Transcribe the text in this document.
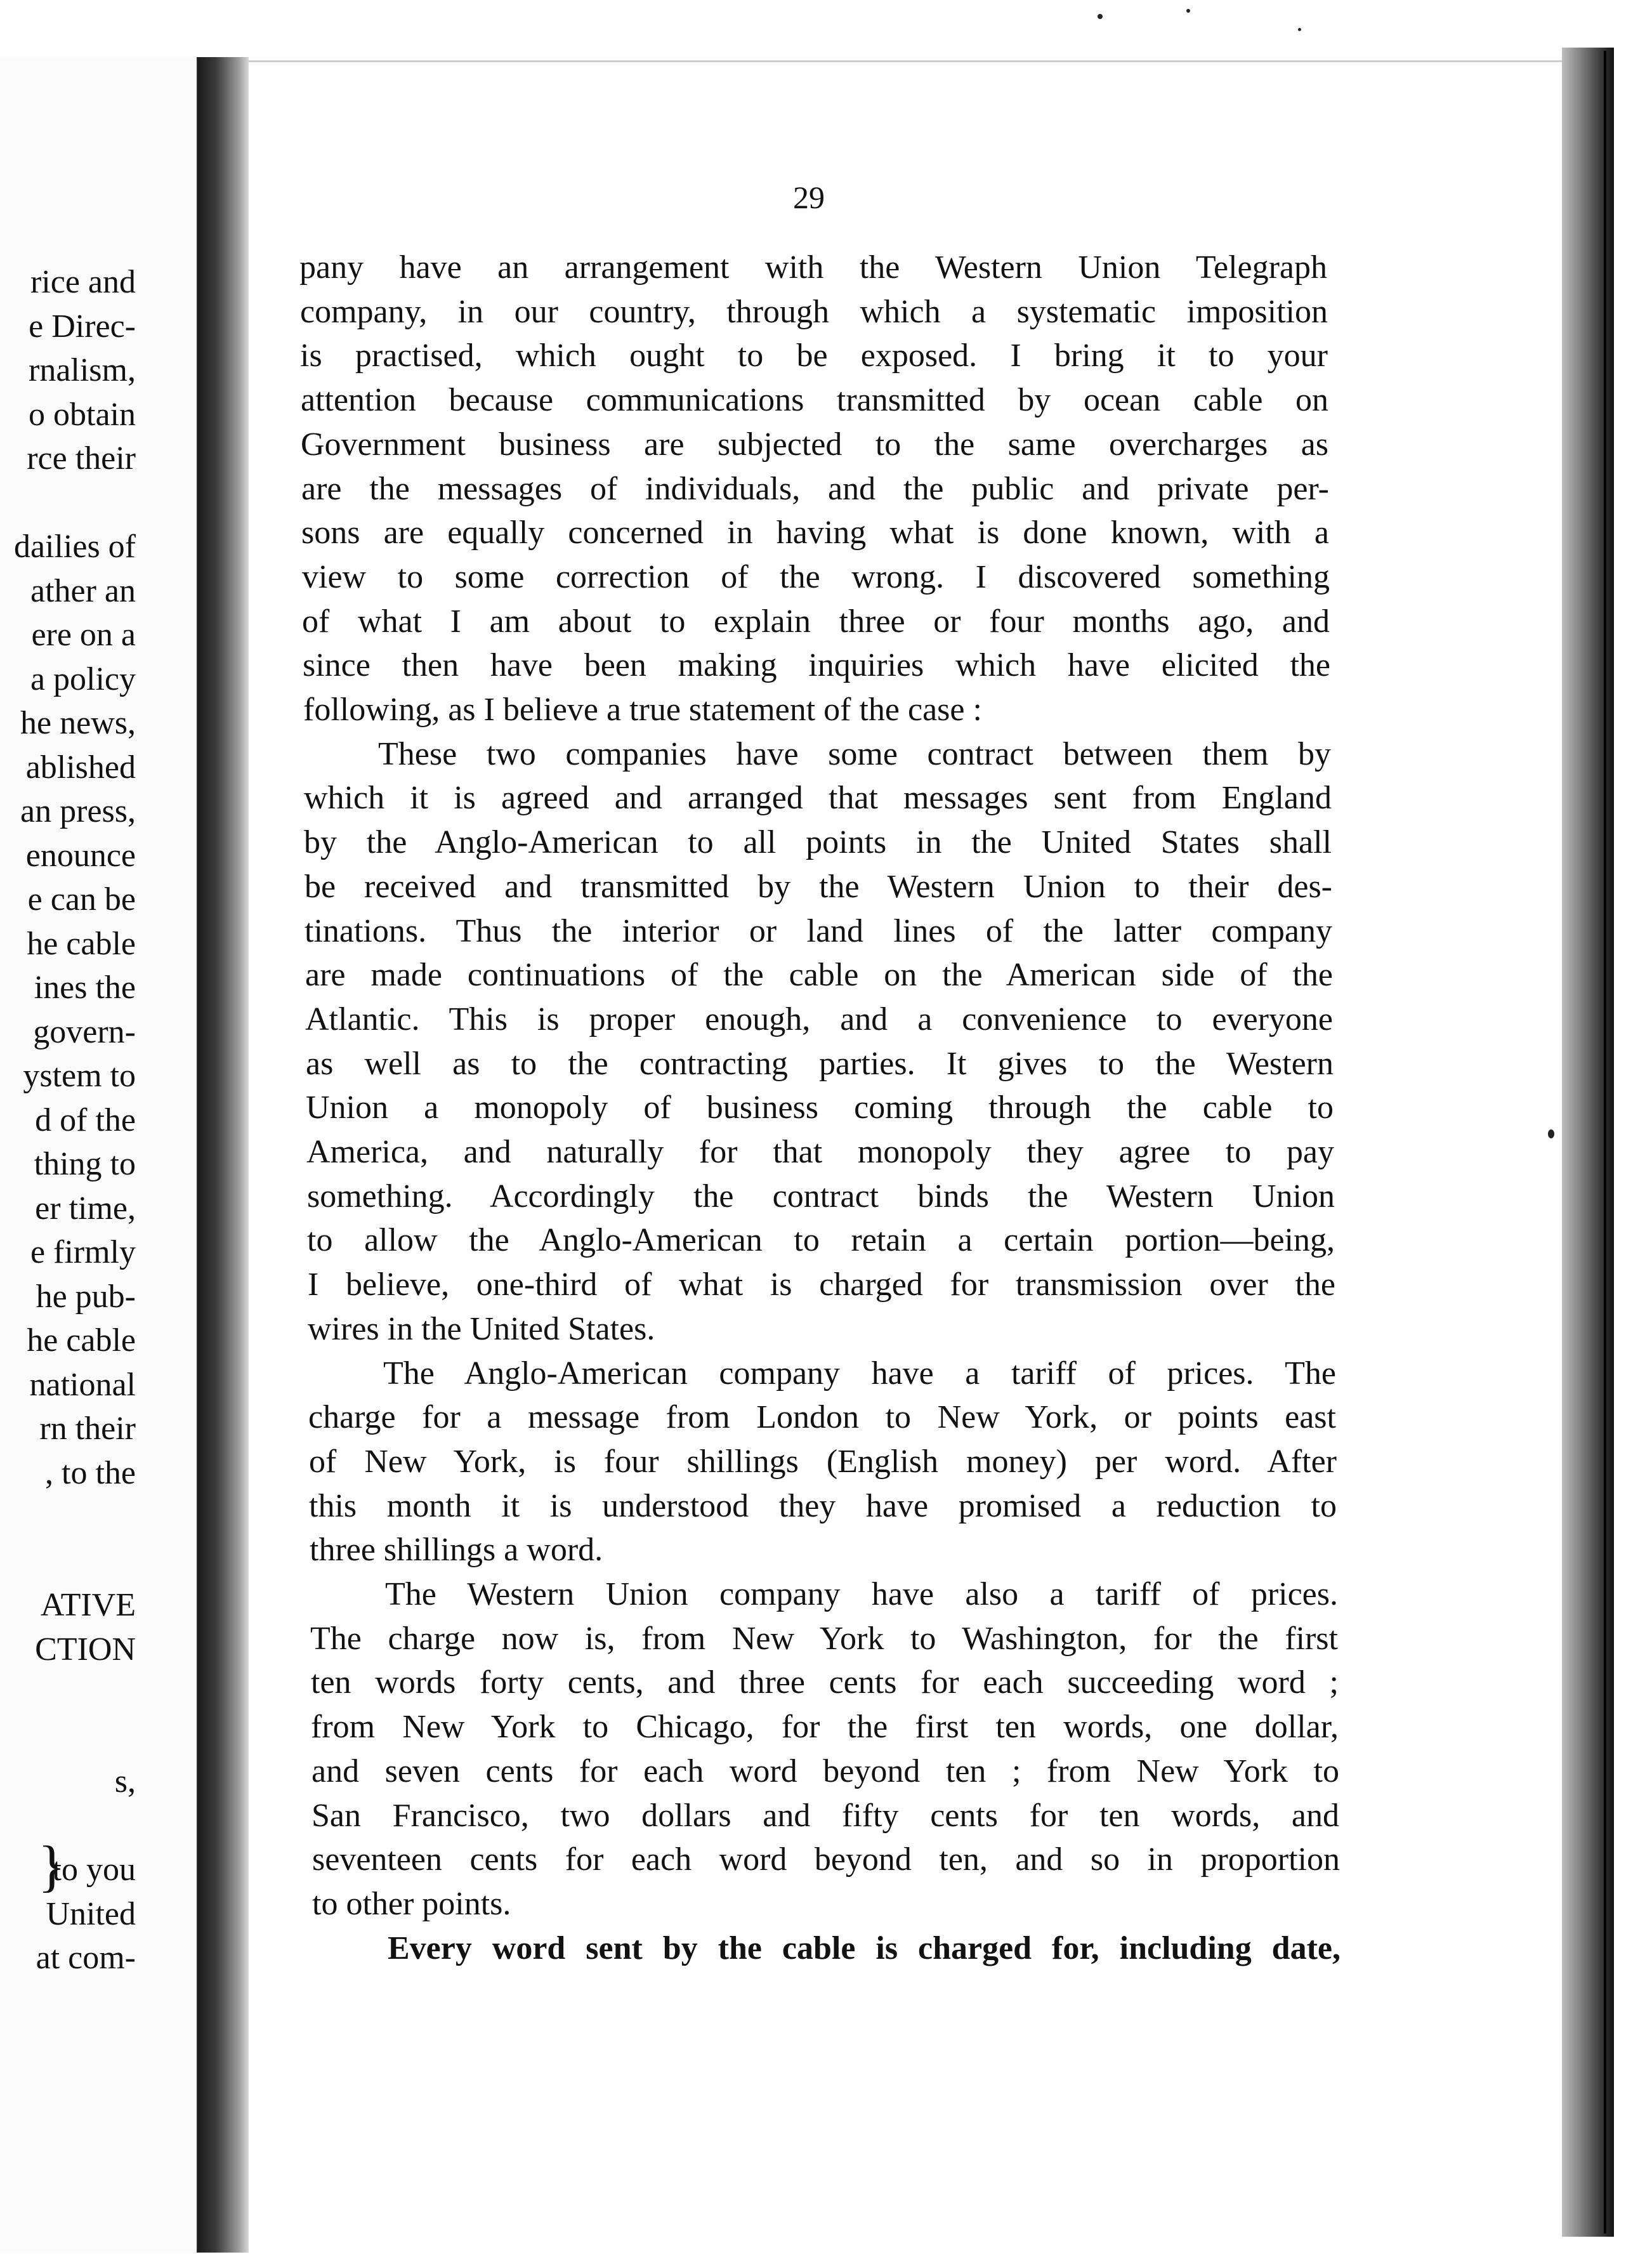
rice and
e Direc-
rnalism,
o obtain
rce their
dailies of
ather an
ere on a
a policy
he news,
ablished
an press,
enounce
e can be
he cable
ines the
govern-
ystem to
d of the
thing to
er time,
e firmly
he pub-
he cable
national
rn their
, to the
ATIVE
CTION
s,
to you
United
at com-
}
29
pany have an arrangement with the Western Union Telegraph
company, in our country, through which a systematic imposition
is practised, which ought to be exposed. I bring it to your
attention because communications transmitted by ocean cable on
Government business are subjected to the same overcharges as
are the messages of individuals, and the public and private per-
sons are equally concerned in having what is done known, with a
view to some correction of the wrong. I discovered something
of what I am about to explain three or four months ago, and
since then have been making inquiries which have elicited the
following, as I believe a true statement of the case :
These two companies have some contract between them by
which it is agreed and arranged that messages sent from England
by the Anglo-American to all points in the United States shall
be received and transmitted by the Western Union to their des-
tinations. Thus the interior or land lines of the latter company
are made continuations of the cable on the American side of the
Atlantic. This is proper enough, and a convenience to everyone
as well as to the contracting parties. It gives to the Western
Union a monopoly of business coming through the cable to
America, and naturally for that monopoly they agree to pay
something. Accordingly the contract binds the Western Union
to allow the Anglo-American to retain a certain portion—being,
I believe, one-third of what is charged for transmission over the
wires in the United States.
The Anglo-American company have a tariff of prices. The
charge for a message from London to New York, or points east
of New York, is four shillings (English money) per word. After
this month it is understood they have promised a reduction to
three shillings a word.
The Western Union company have also a tariff of prices.
The charge now is, from New York to Washington, for the first
ten words forty cents, and three cents for each succeeding word ;
from New York to Chicago, for the first ten words, one dollar,
and seven cents for each word beyond ten ; from New York to
San Francisco, two dollars and fifty cents for ten words, and
seventeen cents for each word beyond ten, and so in proportion
to other points.
Every word sent by the cable is charged for, including date,
